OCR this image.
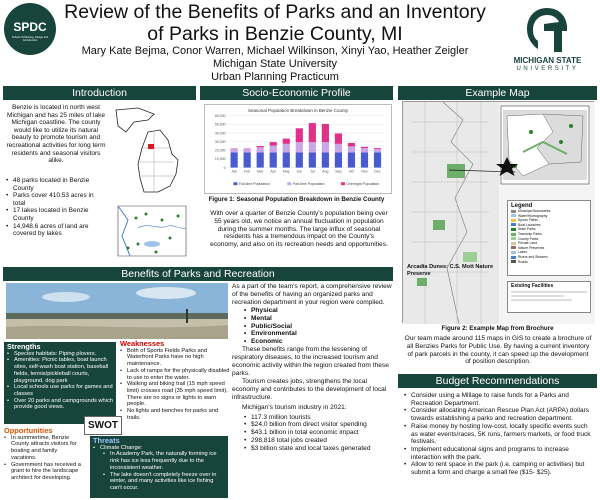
SPDC
School of Planning, Design and Construction
Review of the Benefits of Parks and an Inventory of Parks in Benzie County, MI
Mary Kate Bejma, Conor Warren, Michael Wilkinson, Xinyi Yao, Heather Zeigler
Michigan State University
Urban Planning Practicum
MICHIGAN STATE
UNIVERSITY
Introduction
Benzie is located in north west Michigan and has 25 miles of lake Michigan coastline. The county would like to utilize its natural beauty to promote tourism and recreational activities for long term residents and seasonal visitors alike.
• 48 parks located in Benzie County
• Parks cover 410.53 acres in total
• 17 lakes located in Benzie County
• 14,948.6 acres of land are covered by lakes
Socio-Economic Profile
Seasonal Population Breakdown in Benzie County
0
10,000
20,000
30,000
40,000
50,000
60,000
Jan Feb Mar Apr May Jun Jul Aug Sep Oct Nov Dec
Full-time Population	Part-time Population	Overnight Population
Figure 1: Seasonal Population Breakdown in Benzie County
With over a quarter of Benzie County's population being over 55 years old, we notice an annual fluctuation in population during the summer months. The large influx of seasonal residents has a tremendous impact on the County's economy, and also on its recreation needs and opportunities.
Example Map
Legend
Municipal Boundaries
Water/Hydrography
Sports Fields
Boat Launches
State Parks
Township Parks
County Parks
Private Land
Nature Preserves
Lakes
Rivers and Streams
Roads
Existing Facilities
Arcadia Dunes: C.S. Mott Nature Preserve
Figure 2: Example Map from Brochure
Our team made around 115 maps in GIS to create a brochure of all Benzies Parks for Public Use. By having a current inventory of park parcels in the county, it can speed up the development of position description.
Benefits of Parks and Recreation
As a part of the team's report, a comprehensive review of the benefits of having an organized parks and recreation department in your region were compiled.
• Physical
• Mental
• Public/Social
• Environmental
• Economic
These benefits range from the lessening of respiratory diseases, to the increased tourism and economic activity within the region created from these parks.
Tourism creates jobs, strengthens the local economy and contributes to the development of local infrastructure.
Michigan's tourism industry in 2021:
• 117.3 million tourists
• $24.0 billion from direct visitor spending
• $43.1 billion in total economic impact
• 298,818 total jobs created
• $3 billion state and local taxes generated
Strengths
• Species habitats: Piping plovers.
• Amenities: Picnic tables, boat launch sites, self-wash boat station, baseball fields, tennis/pickleball courts, playground, dog park
• Local schools use parks for games and classes
• Over 20 parks and campgrounds which provide good views.
Weaknesses
• Both of Sports Fields Parks and Waterfront Parks have no high maintenance.
• Lack of ramps for the physically disabled to use to enter the water.
• Walking and biking trail (15 mph speed limit) crosses road (35 mph speed limit). There are no signs or lights to warn people.
• No lights and benches for parks and trails.
SWOT
Opportunities
• In summertime, Benzie County attracts visitors for boating and family vacations.
• Government has received a grant to hire the landscape architect for developing.
Threats
• Climate Change:
• In Academy Park, the naturally forming ice rink has ice less frequently due to the inconsistent weather.
• The lake doesn't completely freeze over in winter, and many activities like ice fishing can't occur.
Budget Recommendations
• Consider using a Millage to raise funds for a Parks and Recreation Department.
• Consider allocating American Rescue Plan Act (ARPA) dollars towards establishing a parks and recreation department.
• Raise money by hosting low-cost, locally specific events such as water events/races, 5K runs, farmers markets, or food truck festivals.
• Implement educational signs and programs to increase interaction with the park.
• Allow to rent space in the park (i.e. camping or activities) but submit a form and charge a small fee ($15- $25).
